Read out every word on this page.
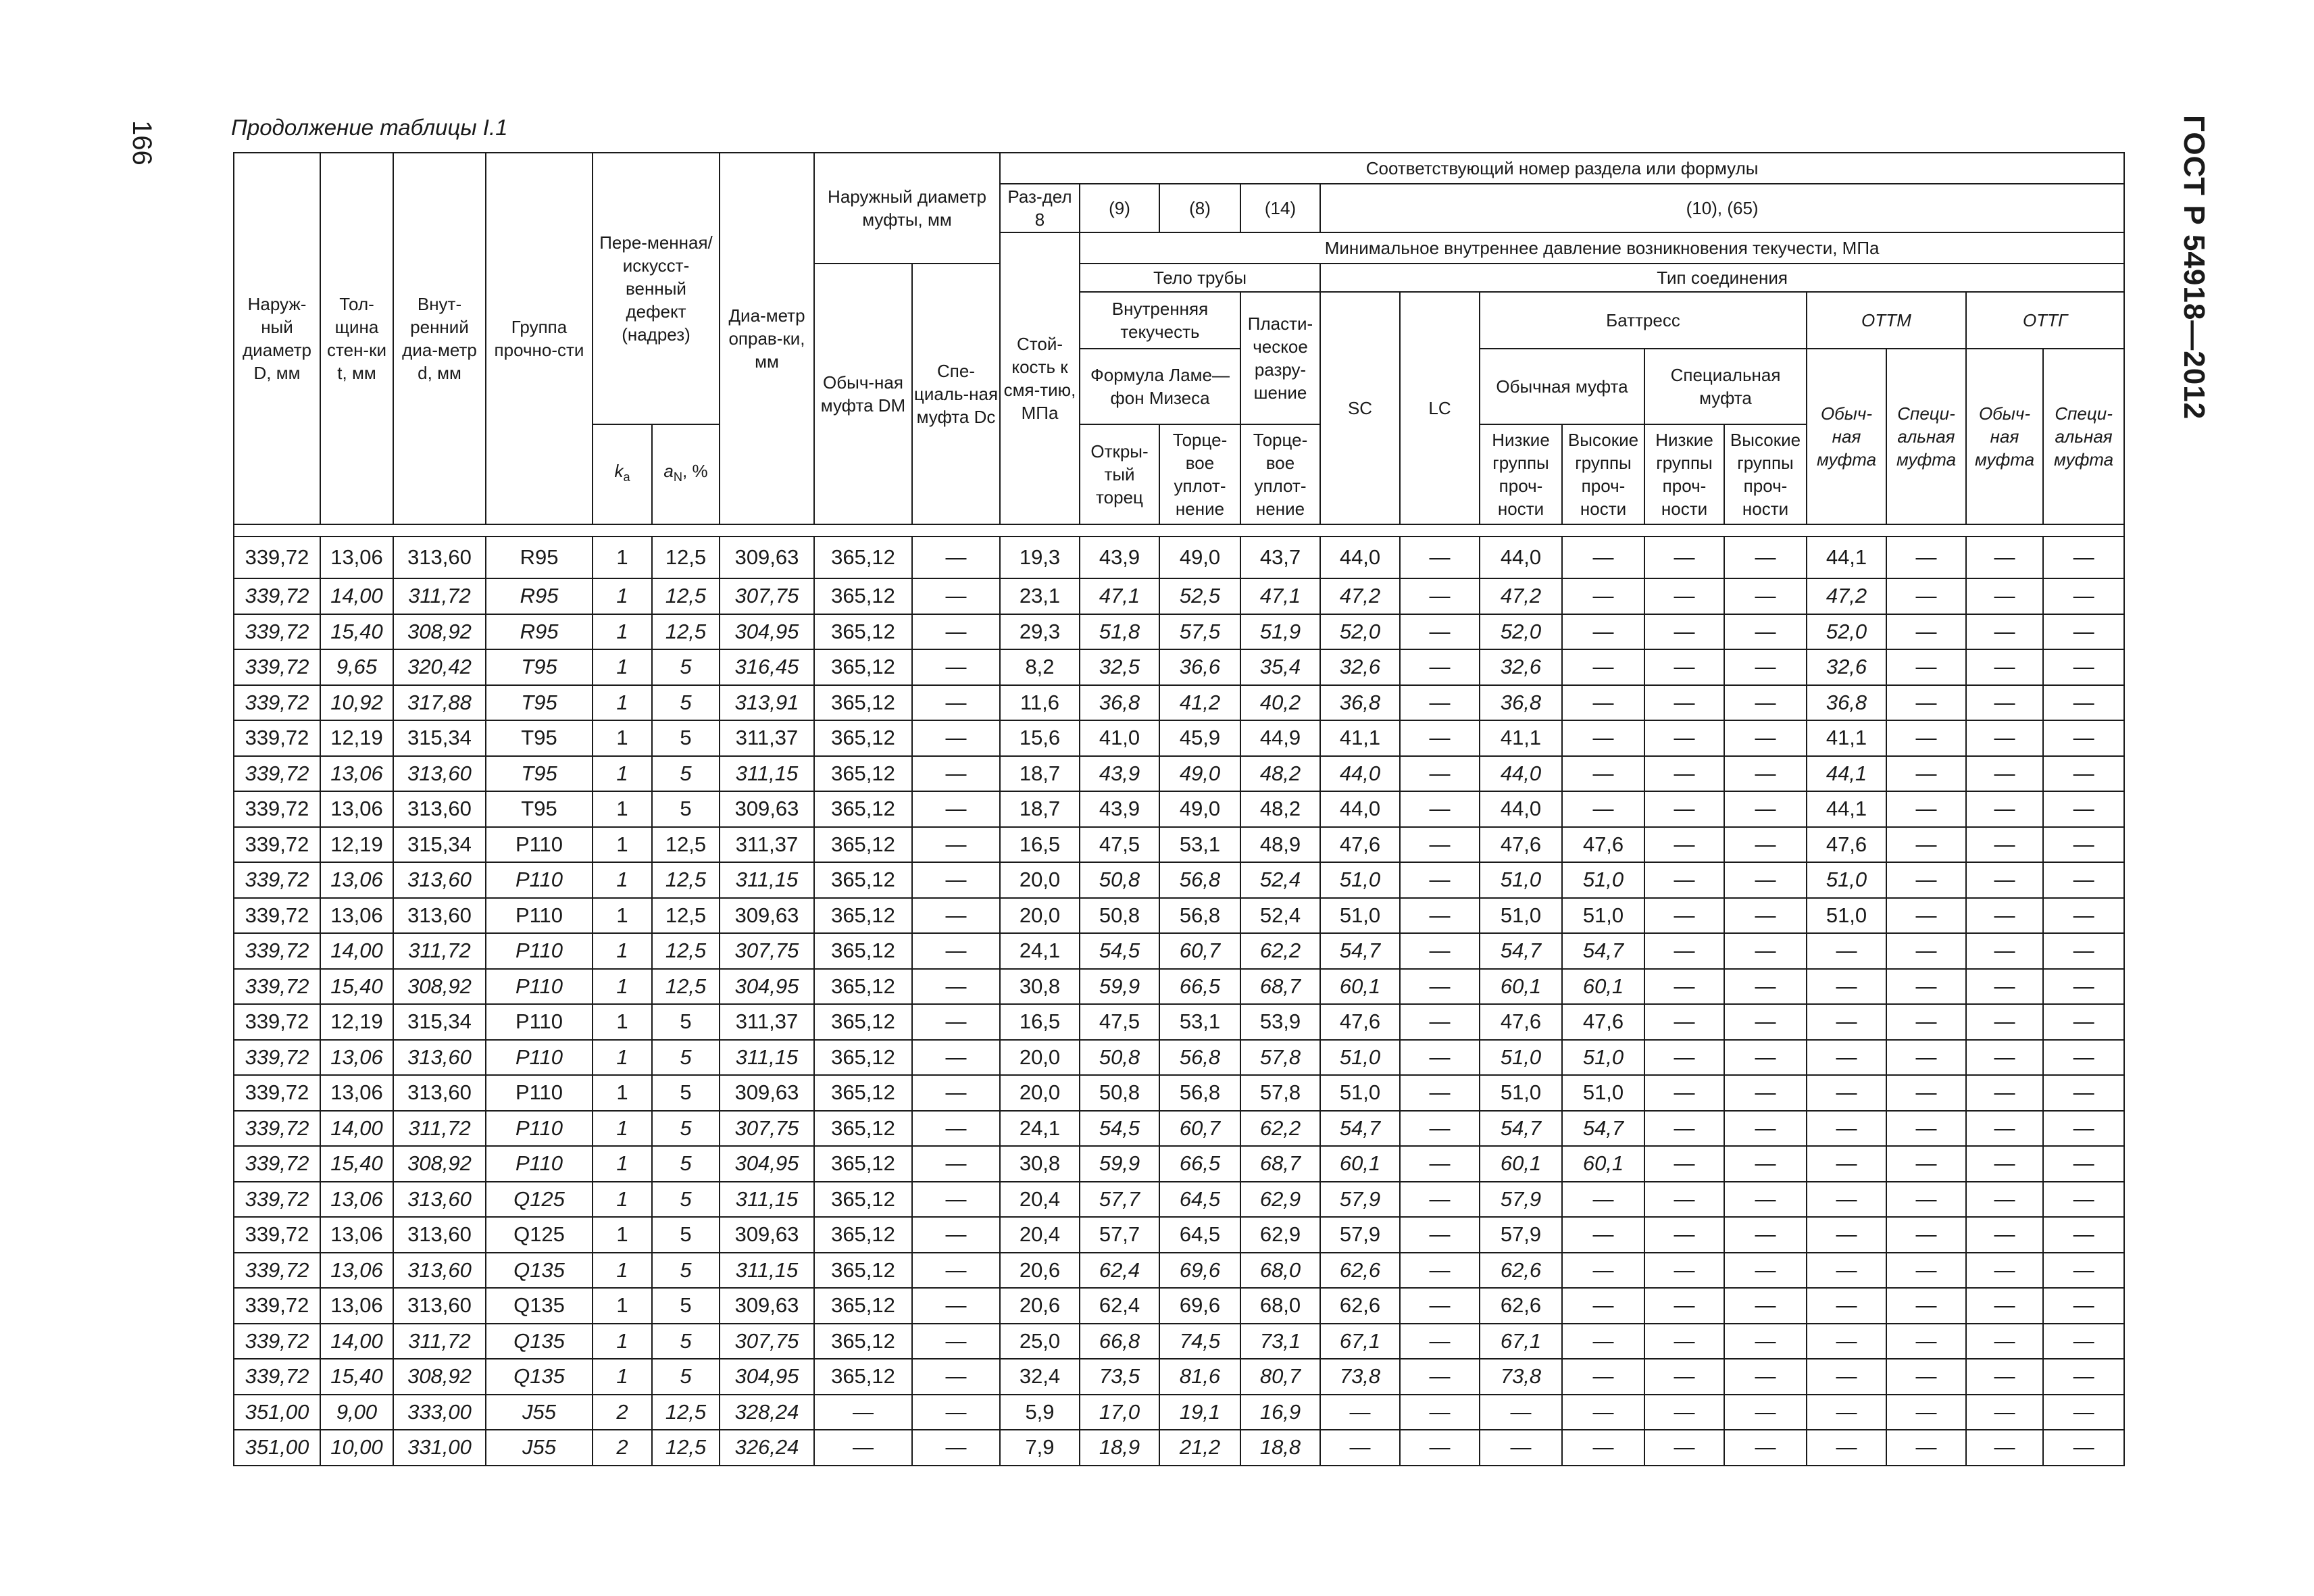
166	ГОСТ Р 54918—2012
Продолжение таблицы I.1
Наруж-ный диаметр D, мм	Тол-щина стен-ки t, мм	Внут-ренний диа-метр d, мм	Группа прочно-сти	Пере-менная/ искусст-венный дефект (надрез)		Диа-метр оправ-ки, мм	Наружный диаметр муфты, мм		Соответствующий номер раздела или формулы													
									Раз-дел 8	(9)	(8)	(14)	(10), (65)									
									Стой-кость к смя-тию, МПа	Минимальное внутреннее давление возникновения текучести, МПа												
							Обыч-ная муфта DM	Спе-циаль-ная муфта Dc		Тело трубы			Тип соединения									
										Внутренняя текучесть		Пласти-ческое разру-шение	SC	LC	Баттресс				ОТТМ		ОТТГ	
										Формула Ламе—фон Мизеса					Обычная муфта		Специальная муфта		Обыч-ная муфта	Специ-альная муфта	Обыч-ная муфта	Специ-альная муфта
				$k_a$	$a_N$, %					Откры-тый торец	Торце-вое уплот-нение	Торце-вое уплот-нение			Низкие группы проч-ности	Высокие группы проч-ности	Низкие группы проч-ности	Высокие группы проч-ности				

339,72	13,06	313,60	R95	1	12,5	309,63	365,12	—	19,3	43,9	49,0	43,7	44,0	—	44,0	—	—	—	44,1	—	—	—
339,72	14,00	311,72	R95	1	12,5	307,75	365,12	—	23,1	47,1	52,5	47,1	47,2	—	47,2	—	—	—	47,2	—	—	—
339,72	15,40	308,92	R95	1	12,5	304,95	365,12	—	29,3	51,8	57,5	51,9	52,0	—	52,0	—	—	—	52,0	—	—	—
339,72	9,65	320,42	T95	1	5	316,45	365,12	—	8,2	32,5	36,6	35,4	32,6	—	32,6	—	—	—	32,6	—	—	—
339,72	10,92	317,88	T95	1	5	313,91	365,12	—	11,6	36,8	41,2	40,2	36,8	—	36,8	—	—	—	36,8	—	—	—
339,72	12,19	315,34	T95	1	5	311,37	365,12	—	15,6	41,0	45,9	44,9	41,1	—	41,1	—	—	—	41,1	—	—	—
339,72	13,06	313,60	T95	1	5	311,15	365,12	—	18,7	43,9	49,0	48,2	44,0	—	44,0	—	—	—	44,1	—	—	—
339,72	13,06	313,60	T95	1	5	309,63	365,12	—	18,7	43,9	49,0	48,2	44,0	—	44,0	—	—	—	44,1	—	—	—
339,72	12,19	315,34	P110	1	12,5	311,37	365,12	—	16,5	47,5	53,1	48,9	47,6	—	47,6	47,6	—	—	47,6	—	—	—
339,72	13,06	313,60	P110	1	12,5	311,15	365,12	—	20,0	50,8	56,8	52,4	51,0	—	51,0	51,0	—	—	51,0	—	—	—
339,72	13,06	313,60	P110	1	12,5	309,63	365,12	—	20,0	50,8	56,8	52,4	51,0	—	51,0	51,0	—	—	51,0	—	—	—
339,72	14,00	311,72	P110	1	12,5	307,75	365,12	—	24,1	54,5	60,7	62,2	54,7	—	54,7	54,7	—	—	—	—	—	—
339,72	15,40	308,92	P110	1	12,5	304,95	365,12	—	30,8	59,9	66,5	68,7	60,1	—	60,1	60,1	—	—	—	—	—	—
339,72	12,19	315,34	P110	1	5	311,37	365,12	—	16,5	47,5	53,1	53,9	47,6	—	47,6	47,6	—	—	—	—	—	—
339,72	13,06	313,60	P110	1	5	311,15	365,12	—	20,0	50,8	56,8	57,8	51,0	—	51,0	51,0	—	—	—	—	—	—
339,72	13,06	313,60	P110	1	5	309,63	365,12	—	20,0	50,8	56,8	57,8	51,0	—	51,0	51,0	—	—	—	—	—	—
339,72	14,00	311,72	P110	1	5	307,75	365,12	—	24,1	54,5	60,7	62,2	54,7	—	54,7	54,7	—	—	—	—	—	—
339,72	15,40	308,92	P110	1	5	304,95	365,12	—	30,8	59,9	66,5	68,7	60,1	—	60,1	60,1	—	—	—	—	—	—
339,72	13,06	313,60	Q125	1	5	311,15	365,12	—	20,4	57,7	64,5	62,9	57,9	—	57,9	—	—	—	—	—	—	—
339,72	13,06	313,60	Q125	1	5	309,63	365,12	—	20,4	57,7	64,5	62,9	57,9	—	57,9	—	—	—	—	—	—	—
339,72	13,06	313,60	Q135	1	5	311,15	365,12	—	20,6	62,4	69,6	68,0	62,6	—	62,6	—	—	—	—	—	—	—
339,72	13,06	313,60	Q135	1	5	309,63	365,12	—	20,6	62,4	69,6	68,0	62,6	—	62,6	—	—	—	—	—	—	—
339,72	14,00	311,72	Q135	1	5	307,75	365,12	—	25,0	66,8	74,5	73,1	67,1	—	67,1	—	—	—	—	—	—	—
339,72	15,40	308,92	Q135	1	5	304,95	365,12	—	32,4	73,5	81,6	80,7	73,8	—	73,8	—	—	—	—	—	—	—
351,00	9,00	333,00	J55	2	12,5	328,24	—	—	5,9	17,0	19,1	16,9	—	—	—	—	—	—	—	—	—	—
351,00	10,00	331,00	J55	2	12,5	326,24	—	—	7,9	18,9	21,2	18,8	—	—	—	—	—	—	—	—	—	—
